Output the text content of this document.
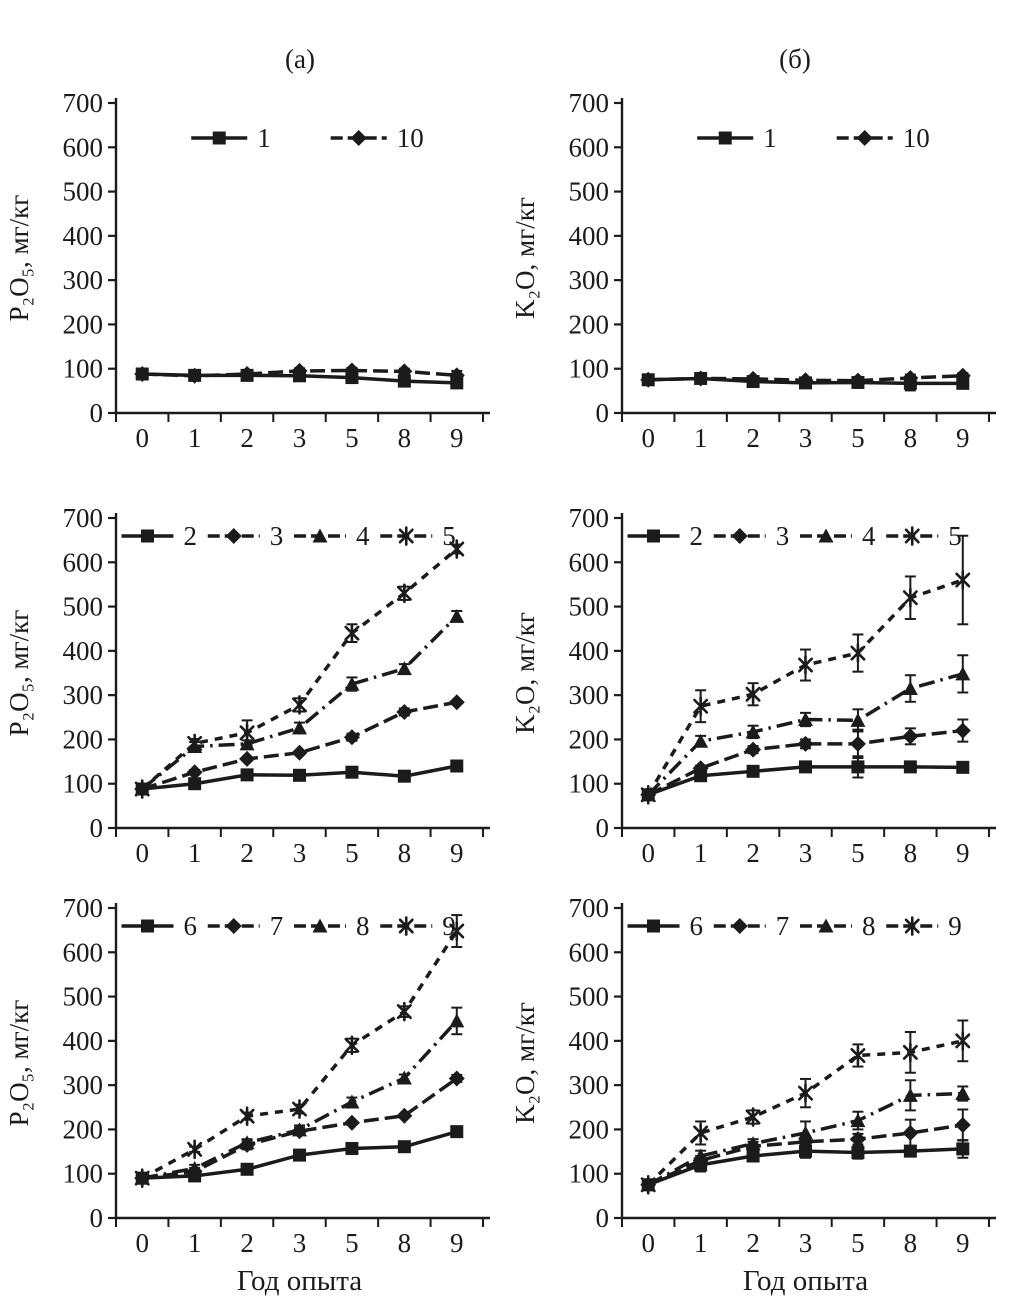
(a)	(б)
0
100
200
300
400
500
600
700
0 1 2 3 5 8 9
P₂O₅, мг/кг
1	10
0
100
200
300
400
500
600
700
0 1 2 3 5 8 9
K₂O, мг/кг
1	10
0
100
200
300
400
500
600
700
0 1 2 3 5 8 9
P₂O₅, мг/кг
2	3	4	5
0
100
200
300
400
500
600
700
0 1 2 3 5 8 9
K₂O, мг/кг
2	3	4	5
0
100
200
300
400
500
600
700
0 1 2 3 5 8 9
P₂O₅, мг/кг
Год опыта
6	7	8	9
0
100
200
300
400
500
600
700
0 1 2 3 5 8 9
K₂O, мг/кг
Год опыта
6	7	8	9
